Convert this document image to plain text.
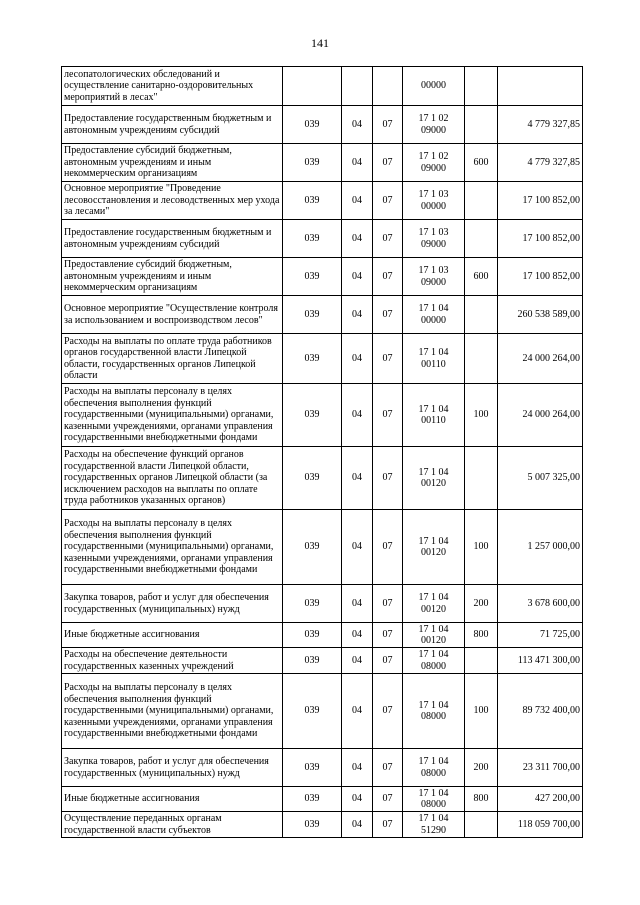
141
лесопатологических обследований и осуществление санитарно-оздоровительных мероприятий в лесах"				00000		
Предоставление государственным бюджетным и автономным учреждениям субсидий	039	04	07	17 1 02 09000		4 779 327,85
Предоставление субсидий бюджетным, автономным учреждениям и иным некоммерческим организациям	039	04	07	17 1 02 09000	600	4 779 327,85
Основное мероприятие "Проведение лесовосстановления и лесоводственных мер ухода за лесами"	039	04	07	17 1 03 00000		17 100 852,00
Предоставление государственным бюджетным и автономным учреждениям субсидий	039	04	07	17 1 03 09000		17 100 852,00
Предоставление субсидий бюджетным, автономным учреждениям и иным некоммерческим организациям	039	04	07	17 1 03 09000	600	17 100 852,00
Основное мероприятие "Осуществление контроля за использованием и воспроизводством лесов"	039	04	07	17 1 04 00000		260 538 589,00
Расходы на выплаты по оплате труда работников органов государственной власти Липецкой области, государственных органов Липецкой области	039	04	07	17 1 04 00110		24 000 264,00
Расходы на выплаты персоналу в целях обеспечения выполнения функций государственными (муниципальными) органами, казенными учреждениями, органами управления государственными внебюджетными фондами	039	04	07	17 1 04 00110	100	24 000 264,00
Расходы на обеспечение функций органов государственной власти Липецкой области, государственных органов Липецкой области (за исключением расходов на выплаты по оплате труда работников указанных органов)	039	04	07	17 1 04 00120		5 007 325,00
Расходы на выплаты персоналу в целях обеспечения выполнения функций государственными (муниципальными) органами, казенными учреждениями, органами управления государственными внебюджетными фондами	039	04	07	17 1 04 00120	100	1 257 000,00
Закупка товаров, работ и услуг для обеспечения государственных (муниципальных) нужд	039	04	07	17 1 04 00120	200	3 678 600,00
Иные бюджетные ассигнования	039	04	07	17 1 04 00120	800	71 725,00
Расходы на обеспечение деятельности государственных казенных учреждений	039	04	07	17 1 04 08000		113 471 300,00
Расходы на выплаты персоналу в целях обеспечения выполнения функций государственными (муниципальными) органами, казенными учреждениями, органами управления государственными внебюджетными фондами	039	04	07	17 1 04 08000	100	89 732 400,00
Закупка товаров, работ и услуг для обеспечения государственных (муниципальных) нужд	039	04	07	17 1 04 08000	200	23 311 700,00
Иные бюджетные ассигнования	039	04	07	17 1 04 08000	800	427 200,00
Осуществление переданных органам государственной власти субъектов	039	04	07	17 1 04 51290		118 059 700,00
